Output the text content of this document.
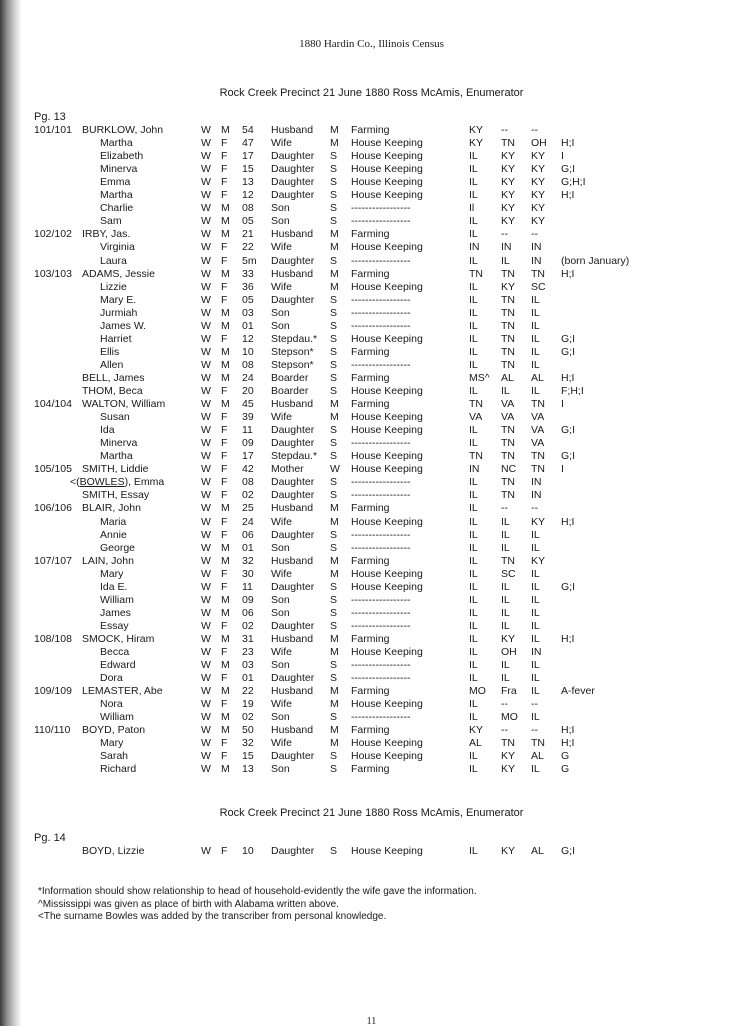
1880 Hardin Co., Illinois Census
Rock Creek Precinct 21 June 1880 Ross McAmis, Enumerator
Pg. 13
101/101 BURKLOW, John	W M 54 Husband M Farming	KY -- --
Martha	W F 47 Wife	M House Keeping	KY TN OH H;I
Elizabeth	W F 17 Daughter S House Keeping	IL KY KY I
Minerva	W F 15 Daughter S House Keeping	IL KY KY G;I
Emma	W F 13 Daughter S House Keeping	IL KY KY G;H;I
Martha	W F 12 Daughter S House Keeping	IL KY KY H;I
Charlie	W M 08 Son	S -----------------	Il	KY KY
Sam	W M 05 Son	S -----------------	IL KY KY
102/102 IRBY, Jas.	W M 21 Husband M Farming	IL -- --
Virginia	W F 22 Wife	M House Keeping	IN IN IN
Laura	W F 5m Daughter S -----------------	IL IL IN (born January)
103/103 ADAMS, Jessie	W M 33 Husband M Farming	TN TN TN H;I
Lizzie	W F 36 Wife	M House Keeping	IL KY SC
Mary E.	W F 05 Daughter S -----------------	IL TN IL
Jurmiah	W M 03 Son	S -----------------	IL TN IL
James W.	W M 01 Son	S -----------------	IL TN IL
Harriet	W F 12 Stepdau.* S House Keeping	IL TN IL G;I
Ellis	W M 10 Stepson* S Farming	IL TN IL G;I
Allen	W M 08 Stepson* S -----------------	IL TN IL
BELL, James	W M 24 Boarder S Farming	MS^ AL AL H;I
THOM, Beca	W F 20 Boarder S House Keeping	IL IL IL F;H;I
104/104 WALTON, William	W M 45 Husband M Farming	TN VA TN I
Susan	W F 39 Wife	M House Keeping	VA VA VA
Ida	W F 11 Daughter S House Keeping	IL TN VA G;I
Minerva	W F 09 Daughter S -----------------	IL TN VA
Martha	W F 17 Stepdau.* S House Keeping	TN TN TN G;I
105/105 SMITH, Liddie	W F 42 Mother	W House Keeping	IN NC TN I
<(BOWLES), Emma	W F 08 Daughter S -----------------	IL TN IN
SMITH, Essay	W F 02 Daughter S -----------------	IL TN IN
106/106 BLAIR, John	W M 25 Husband M Farming	IL -- --
Maria	W F 24 Wife	M House Keeping	IL IL KY H;I
Annie	W F 06 Daughter S -----------------	IL IL IL
George	W M 01 Son	S -----------------	IL IL IL
107/107 LAIN, John	W M 32 Husband M Farming	IL TN KY
Mary	W F 30 Wife	M House Keeping	IL SC IL
Ida E.	W F 11 Daughter S House Keeping	IL IL IL G;I
William	W M 09 Son	S -----------------	IL IL IL
James	W M 06 Son	S -----------------	IL IL IL
Essay	W F 02 Daughter S -----------------	IL IL IL
108/108 SMOCK, Hiram	W M 31 Husband M Farming	IL KY IL H;I
Becca	W F 23 Wife	M House Keeping	IL OH IN
Edward	W M 03 Son	S -----------------	IL IL IL
Dora	W F 01 Daughter S -----------------	IL IL IL
109/109 LEMASTER, Abe	W M 22 Husband M Farming	MO Fra IL A-fever
Nora	W F 19 Wife	M House Keeping	IL -- --
William	W M 02 Son	S -----------------	IL MO IL
110/110 BOYD, Paton	W M 50 Husband M Farming	KY -- -- H;I
Mary	W F 32 Wife	M House Keeping	AL TN TN H;I
Sarah	W F 15 Daughter S House Keeping	IL KY AL G
Richard	W M 13 Son	S Farming	IL KY IL G
Rock Creek Precinct 21 June 1880 Ross McAmis, Enumerator
Pg. 14
BOYD, Lizzie	W F 10 Daughter S House Keeping	IL KY AL G;I
*Information should show relationship to head of household-evidently the wife gave the information.
^Mississippi was given as place of birth with Alabama written above.
<The surname Bowles was added by the transcriber from personal knowledge.
11
